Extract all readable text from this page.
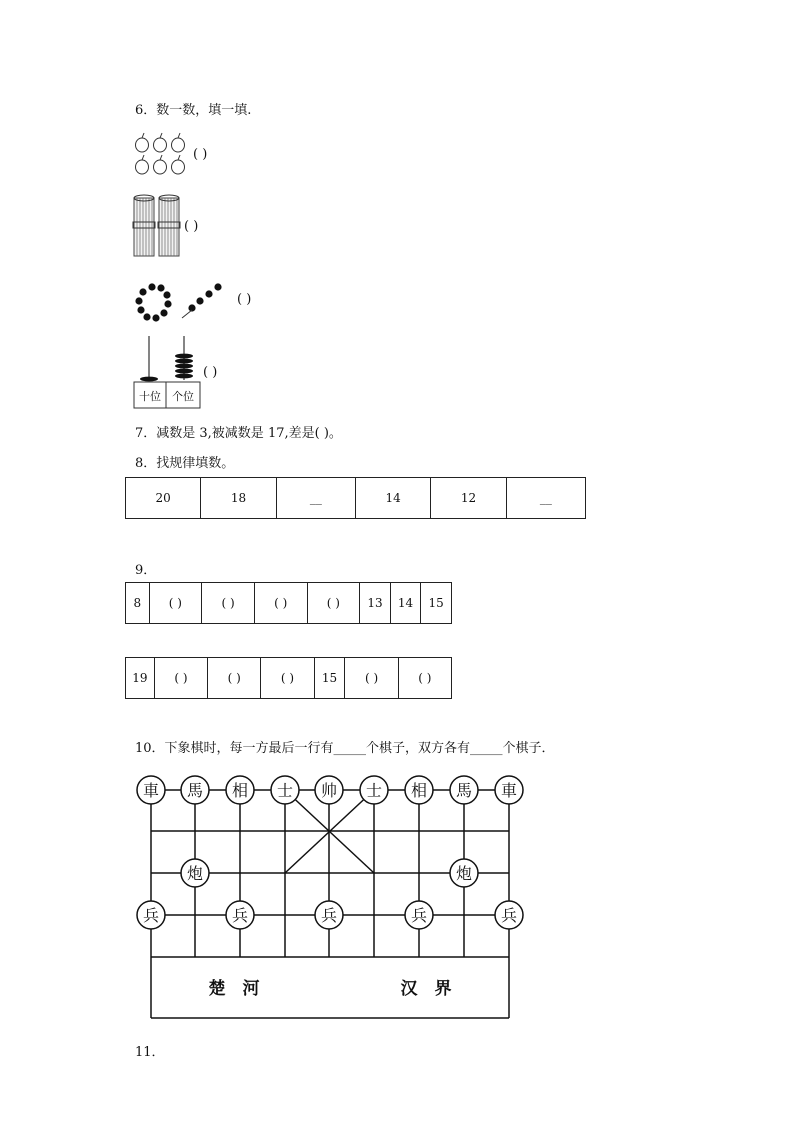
6．数一数，填一填.
( )
( )
( )
十位 个位
( )
7．减数是 3,被减数是 17,差是( )。
8．找规律填数。
20	18	__	14	12	__
9．
8	( )	( )	( )	( )	13	14	15
19	( )	( )	( )	15	( )	( )
10．下象棋时，每一方最后一行有_____个棋子，双方各有_____个棋子．
楚　河	汉　界
車 馬 相 士 帅 士 相 馬 車
炮	炮
兵	兵	兵	兵	兵
11．
